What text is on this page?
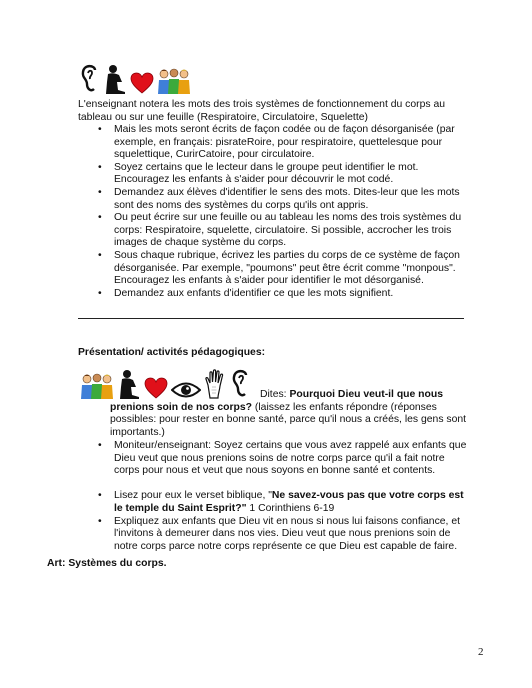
L'enseignant notera les mots des trois systèmes de fonctionnement du corps au tableau ou sur une feuille (Respiratoire, Circulatoire, Squelette)

• Mais les mots seront écrits de façon codée ou de façon désorganisée (par exemple, en français: pisrateRoire, pour respiratoire, quettelesque pour squelettique, CurirCatoire, pour circulatoire.
• Soyez certains que le lecteur dans le groupe peut identifier le mot. Encouragez les enfants à s'aider pour découvrir le mot codé.
• Demandez aux élèves d'identifier le sens des mots. Dites-leur que les mots sont des noms des systèmes du corps qu'ils ont appris.
• Ou peut écrire sur une feuille ou au tableau les noms des trois systèmes du corps: Respiratoire, squelette, circulatoire. Si possible, accrocher les trois images de chaque système du corps.
• Sous chaque rubrique, écrivez les parties du corps de ce système de façon désorganisée. Par exemple, "poumons" peut être écrit comme "monpous". Encouragez les enfants à s'aider pour identifier le mot désorganisé.
• Demandez aux enfants d'identifier ce que les mots signifient.

Présentation/ activités pédagogiques:

Dites: Pourquoi Dieu veut-il que nous prenions soin de nos corps? (laissez les enfants répondre (réponses possibles: pour rester en bonne santé, parce qu'il nous a créés, les gens sont importants.)

• Moniteur/enseignant: Soyez certains que vous avez rappelé aux enfants que Dieu veut que nous prenions soins de notre corps parce qu'il a fait notre corps pour nous et veut que nous soyons en bonne santé et contents.
• Lisez pour eux le verset biblique, "Ne savez-vous pas que votre corps est le temple du Saint Esprit?" 1 Corinthiens 6-19
• Expliquez aux enfants que Dieu vit en nous si nous lui faisons confiance, et l'invitons à demeurer dans nos vies. Dieu veut que nous prenions soin de notre corps parce notre corps représente ce que Dieu est capable de faire.

Art: Systèmes du corps.

2
